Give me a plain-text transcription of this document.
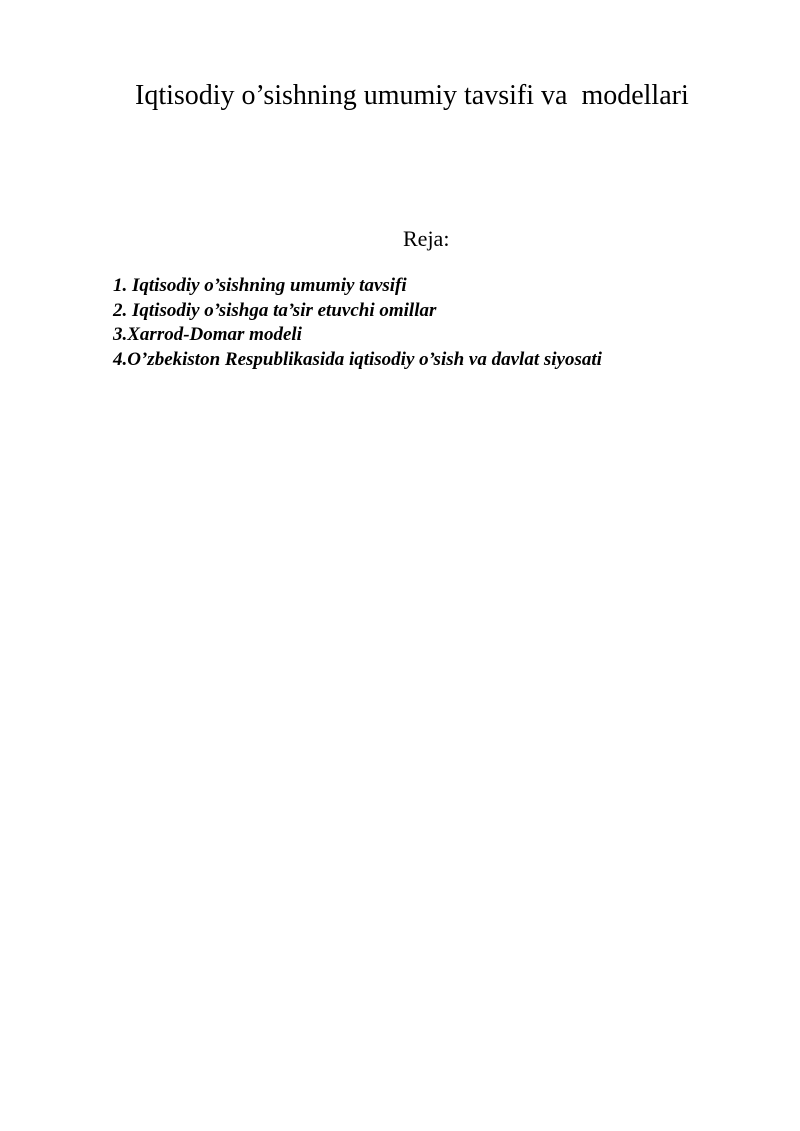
Iqtisodiy o’sishning umumiy tavsifi va  modellari

Reja:

1. Iqtisodiy o’sishning umumiy tavsifi
2. Iqtisodiy o’sishga ta’sir etuvchi omillar
3.Xarrod-Domar modeli
4.O’zbekiston Respublikasida iqtisodiy o’sish va davlat siyosati
